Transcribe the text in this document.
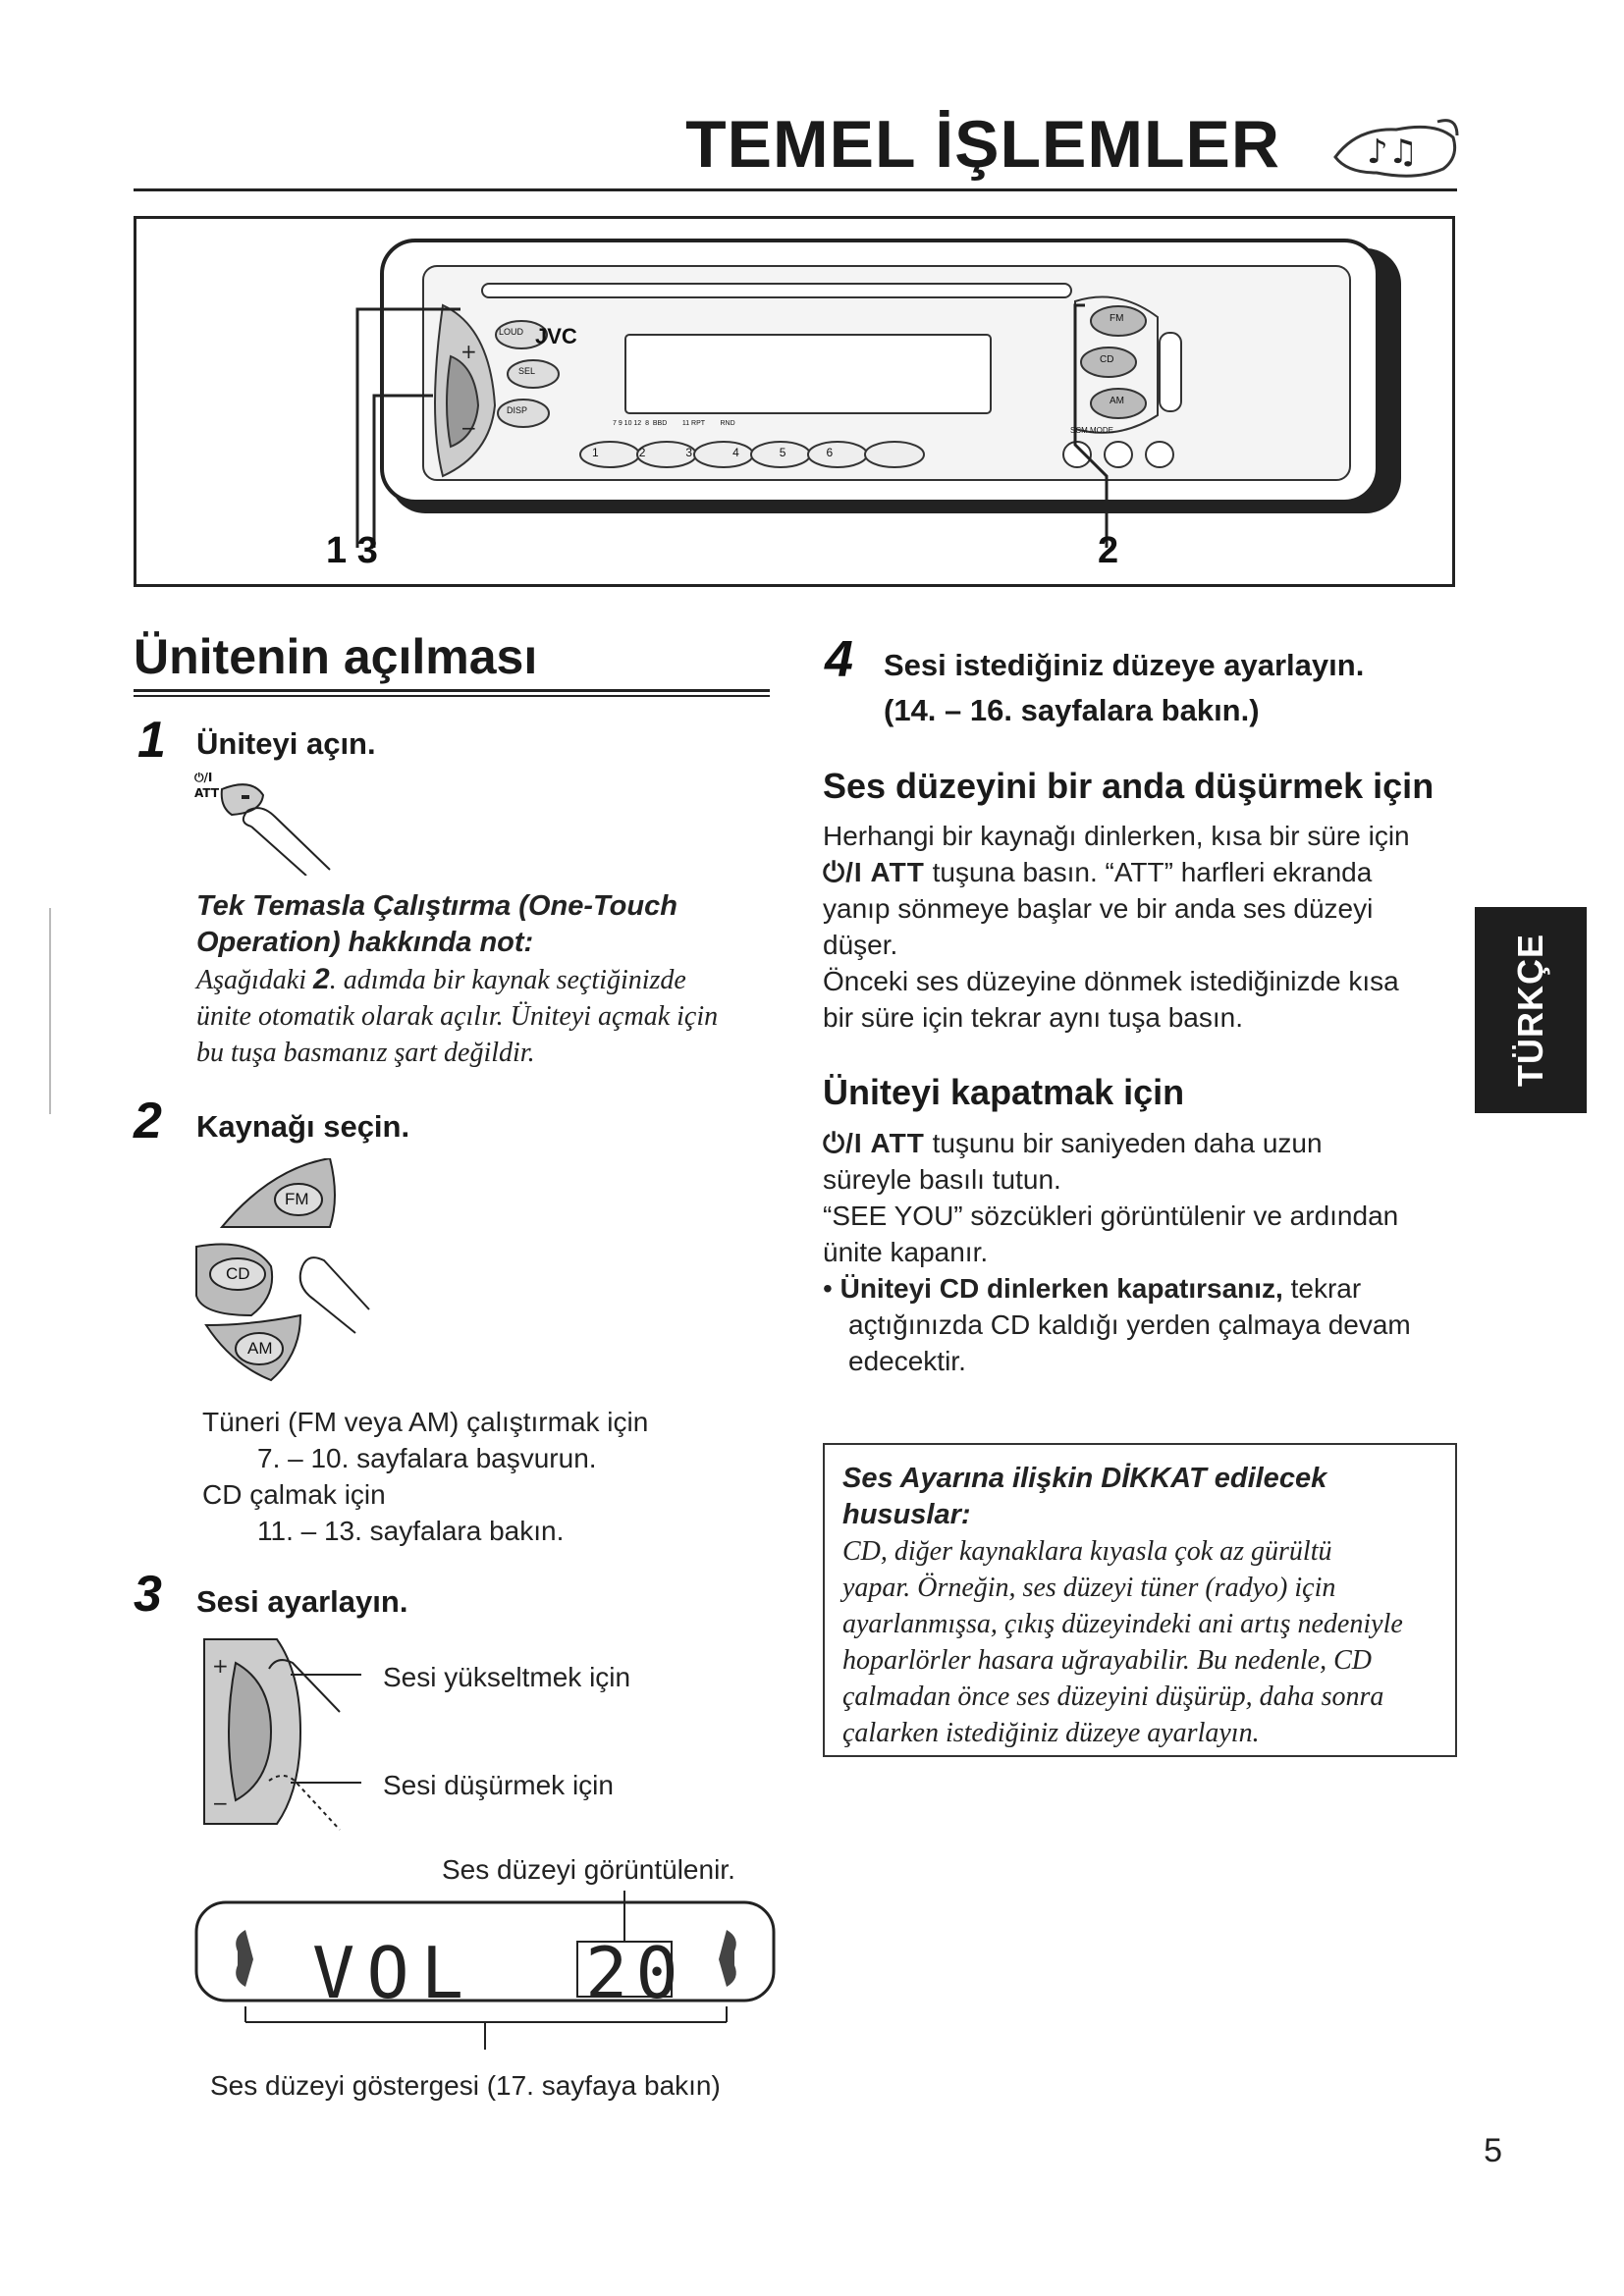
TEMEL İŞLEMLER	♪♫
+
−
JVC
LOUD
SEL
DISP
7 9 10 12  8  BBD        11 RPT        RND
FM
CD
AM
SCM MODE
1	2	3	4	5	6
1 3	2
Ünitenin açılması
1 Üniteyi açın.
⏻/I
ATT
Tek Temasla Çalıştırma (One-Touch
Operation) hakkında not:
Aşağıdaki 2. adımda bir kaynak seçtiğinizde
ünite otomatik olarak açılır. Üniteyi açmak için
bu tuşa basmanız şart değildir.
2 Kaynağı seçin.
FM
CD
AM
Tüneri (FM veya AM) çalıştırmak için
7. – 10. sayfalara başvurun.
CD çalmak için
11. – 13. sayfalara bakın.
3 Sesi ayarlayın.
+
−
Sesi yükseltmek için
Sesi düşürmek için
Ses düzeyi görüntülenir.
VOL 20
Ses düzeyi göstergesi (17. sayfaya bakın)
4 Sesi istediğiniz düzeye ayarlayın.
(14. – 16. sayfalara bakın.)
Ses düzeyini bir anda düşürmek için
Herhangi bir kaynağı dinlerken, kısa bir süre için
⏻/I ATT tuşuna basın. “ATT” harfleri ekranda
yanıp sönmeye başlar ve bir anda ses düzeyi
düşer.
Önceki ses düzeyine dönmek istediğinizde kısa
bir süre için tekrar aynı tuşa basın.
Üniteyi kapatmak için
⏻/I ATT tuşunu bir saniyeden daha uzun
süreyle basılı tutun.
“SEE YOU” sözcükleri görüntülenir ve ardından
ünite kapanır.
• Üniteyi CD dinlerken kapatırsanız, tekrar
açtığınızda CD kaldığı yerden çalmaya devam
edecektir.
Ses Ayarına ilişkin DİKKAT edilecek
hususlar:
CD, diğer kaynaklara kıyasla çok az gürültü
yapar. Örneğin, ses düzeyi tüner (radyo) için
ayarlanmışsa, çıkış düzeyindeki ani artış nedeniyle
hoparlörler hasara uğrayabilir. Bu nedenle, CD
çalmadan önce ses düzeyini düşürüp, daha sonra
çalarken istediğiniz düzeye ayarlayın.
TÜRKÇE
5
